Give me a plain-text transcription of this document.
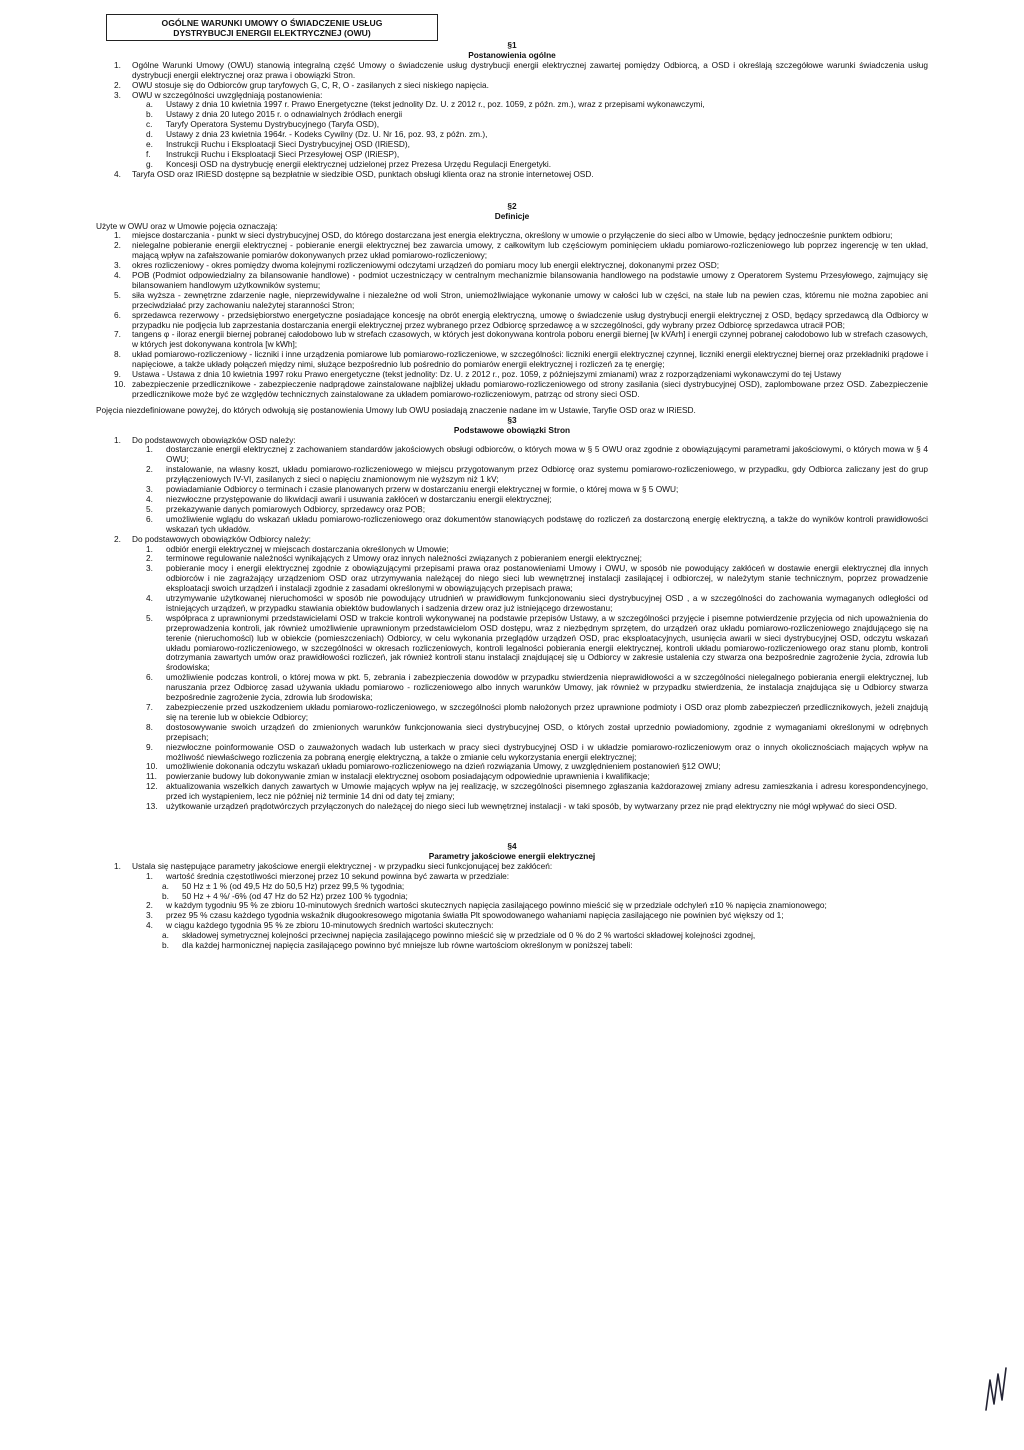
OGÓLNE WARUNKI UMOWY O ŚWIADCZENIE USŁUG
DYSTRYBUCJI ENERGII ELEKTRYCZNEJ (OWU)
§1
Postanowienia ogólne
1.	Ogólne Warunki Umowy (OWU) stanowią integralną część Umowy o świadczenie usług dystrybucji energii elektrycznej zawartej pomiędzy Odbiorcą, a OSD i określają szczegółowe warunki świadczenia usług dystrybucji energii elektrycznej oraz prawa i obowiązki Stron.
2.	OWU stosuje się do Odbiorców grup taryfowych G, C, R, O - zasilanych z sieci niskiego napięcia.
3.	OWU w szczególności uwzględniają postanowienia:
a.	Ustawy z dnia 10 kwietnia 1997 r. Prawo Energetyczne (tekst jednolity Dz. U. z 2012 r., poz. 1059, z późn. zm.), wraz z przepisami wykonawczymi,
b.	Ustawy z dnia 20 lutego 2015 r. o odnawialnych źródłach energii
c.	Taryfy Operatora Systemu Dystrybucyjnego (Taryfa OSD),
d.	Ustawy z dnia 23 kwietnia 1964r. - Kodeks Cywilny (Dz. U. Nr 16, poz. 93, z późn. zm.),
e.	Instrukcji Ruchu i Eksploatacji Sieci Dystrybucyjnej OSD (IRiESD),
f.	Instrukcji Ruchu i Eksploatacji Sieci Przesyłowej OSP (IRiESP),
g.	Koncesji OSD na dystrybucję energii elektrycznej udzielonej przez Prezesa Urzędu Regulacji Energetyki.
4.	Taryfa OSD oraz IRiESD dostępne są bezpłatnie w siedzibie OSD, punktach obsługi klienta oraz na stronie internetowej OSD.
§2
Definicje
Użyte w OWU oraz w Umowie pojęcia oznaczają:
1.	miejsce dostarczania - punkt w sieci dystrybucyjnej OSD, do którego dostarczana jest energia elektryczna, określony w umowie o przyłączenie do sieci albo w Umowie, będący jednocześnie punktem odbioru;
2.	nielegalne pobieranie energii elektrycznej - pobieranie energii elektrycznej bez zawarcia umowy, z całkowitym lub częściowym pominięciem układu pomiarowo-rozliczeniowego lub poprzez ingerencję w ten układ, mającą wpływ na zafałszowanie pomiarów dokonywanych przez układ pomiarowo-rozliczeniowy;
3.	okres rozliczeniowy - okres pomiędzy dwoma kolejnymi rozliczeniowymi odczytami urządzeń do pomiaru mocy lub energii elektrycznej, dokonanymi przez OSD;
4.	POB (Podmiot odpowiedzialny za bilansowanie handlowe) - podmiot uczestniczący w centralnym mechanizmie bilansowania handlowego na podstawie umowy z Operatorem Systemu Przesyłowego, zajmujący się bilansowaniem handlowym użytkowników systemu;
5.	siła wyższa - zewnętrzne zdarzenie nagłe, nieprzewidywalne i niezależne od woli Stron, uniemożliwiające wykonanie umowy w całości lub w części, na stałe lub na pewien czas, któremu nie można zapobiec ani przeciwdziałać przy zachowaniu należytej staranności Stron;
6.	sprzedawca rezerwowy - przedsiębiorstwo energetyczne posiadające koncesję na obrót energią elektryczną, umowę o świadczenie usług dystrybucji energii elektrycznej z OSD, będący sprzedawcą dla Odbiorcy w przypadku nie podjęcia lub zaprzestania dostarczania energii elektrycznej przez wybranego przez Odbiorcę sprzedawcę a w szczególności, gdy wybrany przez Odbiorcę sprzedawca utracił POB;
7.	tangens φ - iloraz energii biernej pobranej całodobowo lub w strefach czasowych, w których jest dokonywana kontrola poboru energii biernej [w kVArh] i energii czynnej pobranej całodobowo lub w strefach czasowych, w których jest dokonywana kontrola [w kWh];
8.	układ pomiarowo-rozliczeniowy - liczniki i inne urządzenia pomiarowe lub pomiarowo-rozliczeniowe, w szczególności: liczniki energii elektrycznej czynnej, liczniki energii elektrycznej biernej oraz przekładniki prądowe i napięciowe, a także układy połączeń między nimi, służące bezpośrednio lub pośrednio do pomiarów energii elektrycznej i rozliczeń za tę energię;
9.	Ustawa - Ustawa z dnia 10 kwietnia 1997 roku Prawo energetyczne (tekst jednolity: Dz. U. z 2012 r., poz. 1059, z późniejszymi zmianami) wraz z rozporządzeniami wykonawczymi do tej Ustawy
10. zabezpieczenie przedlicznikowe - zabezpieczenie nadprądowe zainstalowane najbliżej układu pomiarowo-rozliczeniowego od strony zasilania (sieci dystrybucyjnej OSD), zaplombowane przez OSD. Zabezpieczenie przedlicznikowe może być ze względów technicznych zainstalowane za układem pomiarowo-rozliczeniowym, patrząc od strony sieci OSD.
Pojęcia niezdefiniowane powyżej, do których odwołują się postanowienia Umowy lub OWU posiadają znaczenie nadane im w Ustawie, Taryfie OSD oraz w IRiESD.
§3
Podstawowe obowiązki Stron
1.	Do podstawowych obowiązków OSD należy:
1.	dostarczanie energii elektrycznej z zachowaniem standardów jakościowych obsługi odbiorców, o których mowa w § 5 OWU oraz zgodnie z obowiązującymi parametrami jakościowymi, o których mowa w § 4 OWU;
2.	instalowanie, na własny koszt, układu pomiarowo-rozliczeniowego w miejscu przygotowanym przez Odbiorcę oraz systemu pomiarowo-rozliczeniowego, w przypadku, gdy Odbiorca zaliczany jest do grup przyłączeniowych IV-VI, zasilanych z sieci o napięciu znamionowym nie wyższym niż 1 kV;
3.	powiadamianie Odbiorcy o terminach i czasie planowanych przerw w dostarczaniu energii elektrycznej w formie, o której mowa w § 5 OWU;
4.	niezwłoczne przystępowanie do likwidacji awarii i usuwania zakłóceń w dostarczaniu energii elektrycznej;
5.	przekazywanie danych pomiarowych Odbiorcy, sprzedawcy oraz POB;
6.	umożliwienie wglądu do wskazań układu pomiarowo-rozliczeniowego oraz dokumentów stanowiących podstawę do rozliczeń za dostarczoną energię elektryczną, a także do wyników kontroli prawidłowości wskazań tych układów.
2.	Do podstawowych obowiązków Odbiorcy należy:
1.	odbiór energii elektrycznej w miejscach dostarczania określonych w Umowie;
2.	terminowe regulowanie należności wynikających z Umowy oraz innych należności związanych z pobieraniem energii elektrycznej;
3.	pobieranie mocy i energii elektrycznej zgodnie z obowiązującymi przepisami prawa oraz postanowieniami Umowy i OWU, w sposób nie powodujący zakłóceń w dostawie energii elektrycznej dla innych odbiorców i nie zagrażający urządzeniom OSD oraz utrzymywania należącej do niego sieci lub wewnętrznej instalacji zasilającej i odbiorczej, w należytym stanie technicznym, poprzez prowadzenie eksploatacji swoich urządzeń i instalacji zgodnie z zasadami określonymi w obowiązujących przepisach prawa;
4.	utrzymywanie użytkowanej nieruchomości w sposób nie powodujący utrudnień w prawidłowym funkcjonowaniu sieci dystrybucyjnej OSD , a w szczególności do zachowania wymaganych odległości od istniejących urządzeń, w przypadku stawiania obiektów budowlanych i sadzenia drzew oraz już istniejącego drzewostanu;
5.	współpraca z uprawnionymi przedstawicielami OSD w trakcie kontroli wykonywanej na podstawie przepisów Ustawy, a w szczególności przyjęcie i pisemne potwierdzenie przyjęcia od nich upoważnienia do przeprowadzenia kontroli, jak również umożliwienie uprawnionym przedstawicielom OSD dostępu, wraz z niezbędnym sprzętem, do urządzeń oraz układu pomiarowo-rozliczeniowego znajdującego się na terenie (nieruchomości) lub w obiekcie (pomieszczeniach) Odbiorcy, w celu wykonania przeglądów urządzeń OSD, prac eksploatacyjnych, usunięcia awarii w sieci dystrybucyjnej OSD, odczytu wskazań układu pomiarowo-rozliczeniowego, w szczególności w okresach rozliczeniowych, kontroli legalności pobierania energii elektrycznej, kontroli układu pomiarowo-rozliczeniowego oraz stanu plomb, kontroli dotrzymania zawartych umów oraz prawidłowości rozliczeń, jak również kontroli stanu instalacji znajdującej się u Odbiorcy w zakresie ustalenia czy stwarza ona bezpośrednie zagrożenie życia, zdrowia lub środowiska;
6.	umożliwienie podczas kontroli, o której mowa w pkt. 5, zebrania i zabezpieczenia dowodów w przypadku stwierdzenia nieprawidłowości a w szczególności nielegalnego pobierania energii elektrycznej, lub naruszania przez Odbiorcę zasad używania układu pomiarowo - rozliczeniowego albo innych warunków Umowy, jak również w przypadku stwierdzenia, że instalacja znajdująca się u Odbiorcy stwarza bezpośrednie zagrożenie życia, zdrowia lub środowiska;
7.	zabezpieczenie przed uszkodzeniem układu pomiarowo-rozliczeniowego, w szczególności plomb nałożonych przez uprawnione podmioty i OSD oraz plomb zabezpieczeń przedlicznikowych, jeżeli znajdują się na terenie lub w obiekcie Odbiorcy;
8.	dostosowywanie swoich urządzeń do zmienionych warunków funkcjonowania sieci dystrybucyjnej OSD, o których został uprzednio powiadomiony, zgodnie z wymaganiami określonymi w odrębnych przepisach;
9.	niezwłoczne poinformowanie OSD o zauważonych wadach lub usterkach w pracy sieci dystrybucyjnej OSD i w układzie pomiarowo-rozliczeniowym oraz o innych okolicznościach mających wpływ na możliwość niewłaściwego rozliczenia za pobraną energię elektryczną, a także o zmianie celu wykorzystania energii elektrycznej;
10.	umożliwienie dokonania odczytu wskazań układu pomiarowo-rozliczeniowego na dzień rozwiązania Umowy, z uwzględnieniem postanowień §12 OWU;
11.	powierzanie budowy lub dokonywanie zmian w instalacji elektrycznej osobom posiadającym odpowiednie uprawnienia i kwalifikacje;
12.	aktualizowania wszelkich danych zawartych w Umowie mających wpływ na jej realizację, w szczególności pisemnego zgłaszania każdorazowej zmiany adresu zamieszkania i adresu korespondencyjnego, przed ich wystąpieniem, lecz nie później niż terminie 14 dni od daty tej zmiany;
13.	użytkowanie urządzeń prądotwórczych przyłączonych do należącej do niego sieci lub wewnętrznej instalacji - w taki sposób, by wytwarzany przez nie prąd elektryczny nie mógł wpływać do sieci OSD.
§4
Parametry jakościowe energii elektrycznej
1.	Ustala się następujące parametry jakościowe energii elektrycznej - w przypadku sieci funkcjonującej bez zakłóceń:
1.	wartość średnia częstotliwości mierzonej przez 10 sekund powinna być zawarta w przedziale:
a.	50 Hz ± 1 % (od 49,5 Hz do 50,5 Hz) przez 99,5 % tygodnia;
b.	50 Hz + 4 %/ -6% (od 47 Hz do 52 Hz) przez 100 % tygodnia;
2.	w każdym tygodniu 95 % ze zbioru 10-minutowych średnich wartości skutecznych napięcia zasilającego powinno mieścić się w przedziale odchyleń ±10 % napięcia znamionowego;
3.	przez 95 % czasu każdego tygodnia wskaźnik długookresowego migotania światła Plt spowodowanego wahaniami napięcia zasilającego nie powinien być większy od 1;
4.	w ciągu każdego tygodnia 95 % ze zbioru 10-minutowych średnich wartości skutecznych:
a.	składowej symetrycznej kolejności przeciwnej napięcia zasilającego powinno mieścić się w przedziale od 0 % do 2 % wartości składowej kolejności zgodnej,
b.	dla każdej harmonicznej napięcia zasilającego powinno być mniejsze lub równe wartościom określonym w poniższej tabeli:
